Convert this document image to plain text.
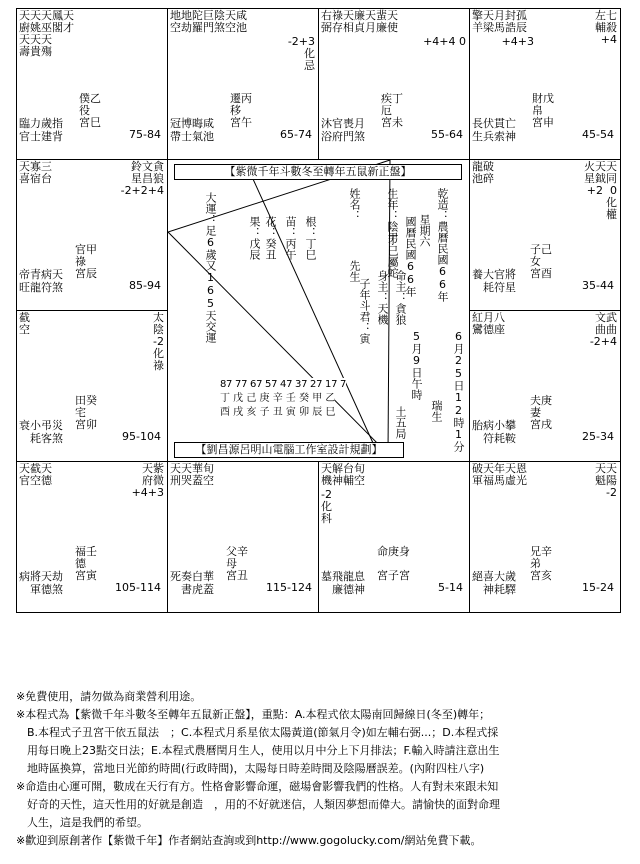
天天天鳳天
廚姚巫閣才
天天天
壽貴殤
臨力歲指
官士建背
僕乙
役
宮巳
75-84
地地陀巨陰天咸
空劫羅門煞空池
-2+3
化
忌
冠博晦咸
帶士氣池
遷丙
移
宮午
65-74
右祿天廉天蜚天
弼存相貞月廉使
+4+4 0
沐官喪月
浴府門煞
疾丁
厄
宮未
55-64
擎天月封孤
羊梁馬誥辰
+4+3
左七
輔殺
　+4
長伏貫亡
生兵索神
財戊
帛
宮申
45-54
天寡三
喜宿台
鈴文貪
星昌狼
-2+2+4
帝青病天
旺龍符煞
官甲
祿
宮辰
85-94
龍破
池碎
火天天
星鉞同
+2  0
化
權
養大官將
　耗符星
子己
女
宮酉
35-44
截
空
太
陰
-2
化
祿
衰小弔災
　耗客煞
田癸
宅
宮卯
95-104
紅月八
鸞德座
文武
曲曲
-2+4
胎病小攀
　符耗鞍
夫庚
妻
宮戌
25-34
天截天
官空德
天紫
府微
+4+3
病將天劫
　軍德煞
福壬
德
宮寅
105-114
天天華旬
刑哭蓋空
死奏白華
　書虎蓋
父辛
母
宮丑
115-124
天解台旬
機神輔空
-2
化
科
墓飛龍息
　廉德神
命庚身

宮子宮
5-14
破天年天恩
軍福馬虛光
天天
魁陽
-2
絕喜大歲
　神耗驛
兄辛
弟
宮亥
15-24
【紫微千年斗數冬至轉年五鼠新正盤】
【劉昌源呂明山電腦工作室設計規劃】
大運：足6歲又165天交運	果：戊辰 花：癸丑 苗：丙午 根：丁巳
姓名：
先生
生年：陰男
丁巳屬蛇
星期六 乾造：農曆民國66年
國曆民國66年
命主：貪狼
身主：天機
子年斗君：寅
5月9日午時	6月25日12時1分
瑞生
土五局
87 77 67 57 47 37 27 17 7
丁 戊 己 庚 辛 壬 癸 甲 乙
酉 戌 亥 子 丑 寅 卯 辰 巳

※免費使用，請勿做為商業營利用途。

※本程式為【紫微千年斗數冬至轉年五鼠新正盤】，重點：A.本程式依太陽南回歸線日(冬至)轉年；

　B.本程式子丑宮干依五鼠法　；C.本程式月系星依太陽黃道(節氣月令)如左輔右弼...；D.本程式採

　用每日晚上23點交日法；E.本程式農曆閏月生人，使用以月中分上下月排法；F.輸入時請注意出生

　地時區換算，當地日光節約時間(行政時間)，太陽每日時差時間及陰陽曆誤差。(內附四柱八字)

※命造由心運可開，數成在天行有方。性格會影響命運，磁場會影響我們的性格。人有對未來跟未知

　好奇的天性，這天性用的好就是創造　，用的不好就迷信，人類因夢想而偉大。請愉快的面對命理

　人生，這是我們的希望。

※歡迎到原創著作【紫微千年】作者網站查詢或到http://www.gogolucky.com/網站免費下載。
